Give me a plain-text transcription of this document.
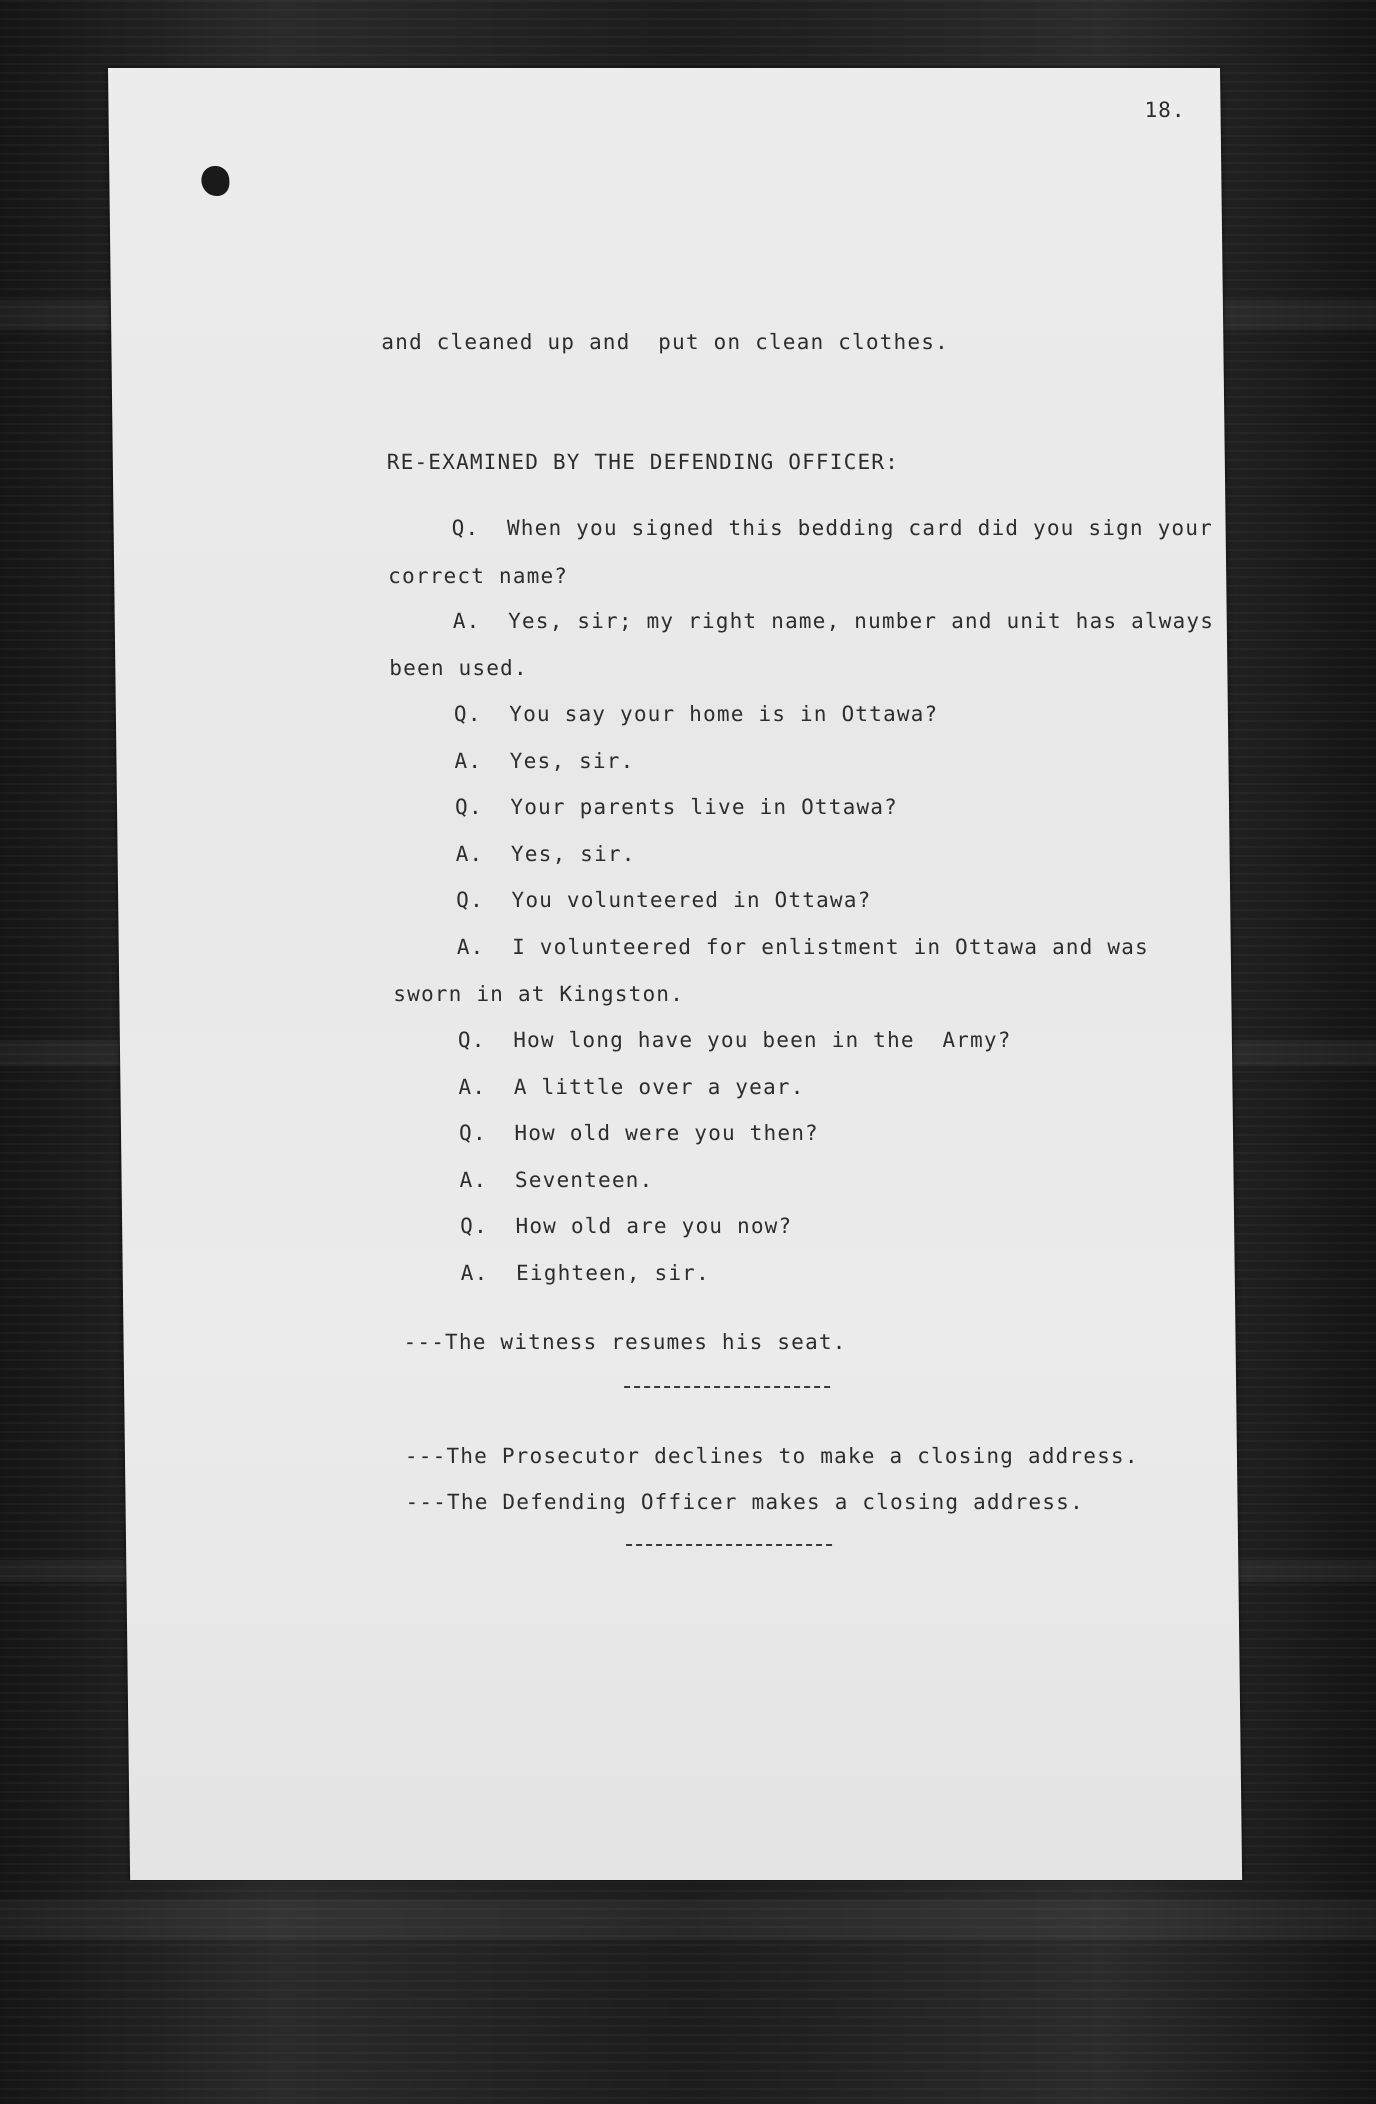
18.
and cleaned up and  put on clean clothes.
RE-EXAMINED BY THE DEFENDING OFFICER:
Q.  When you signed this bedding card did you sign your
correct name?
A.  Yes, sir; my right name, number and unit has always
been used.
Q.  You say your home is in Ottawa?
A.  Yes, sir.
Q.  Your parents live in Ottawa?
A.  Yes, sir.
Q.  You volunteered in Ottawa?
A.  I volunteered for enlistment in Ottawa and was
sworn in at Kingston.
Q.  How long have you been in the  Army?
A.  A little over a year.
Q.  How old were you then?
A.  Seventeen.
Q.  How old are you now?
A.  Eighteen, sir.
---The witness resumes his seat.
---The Prosecutor declines to make a closing address.
---The Defending Officer makes a closing address.
